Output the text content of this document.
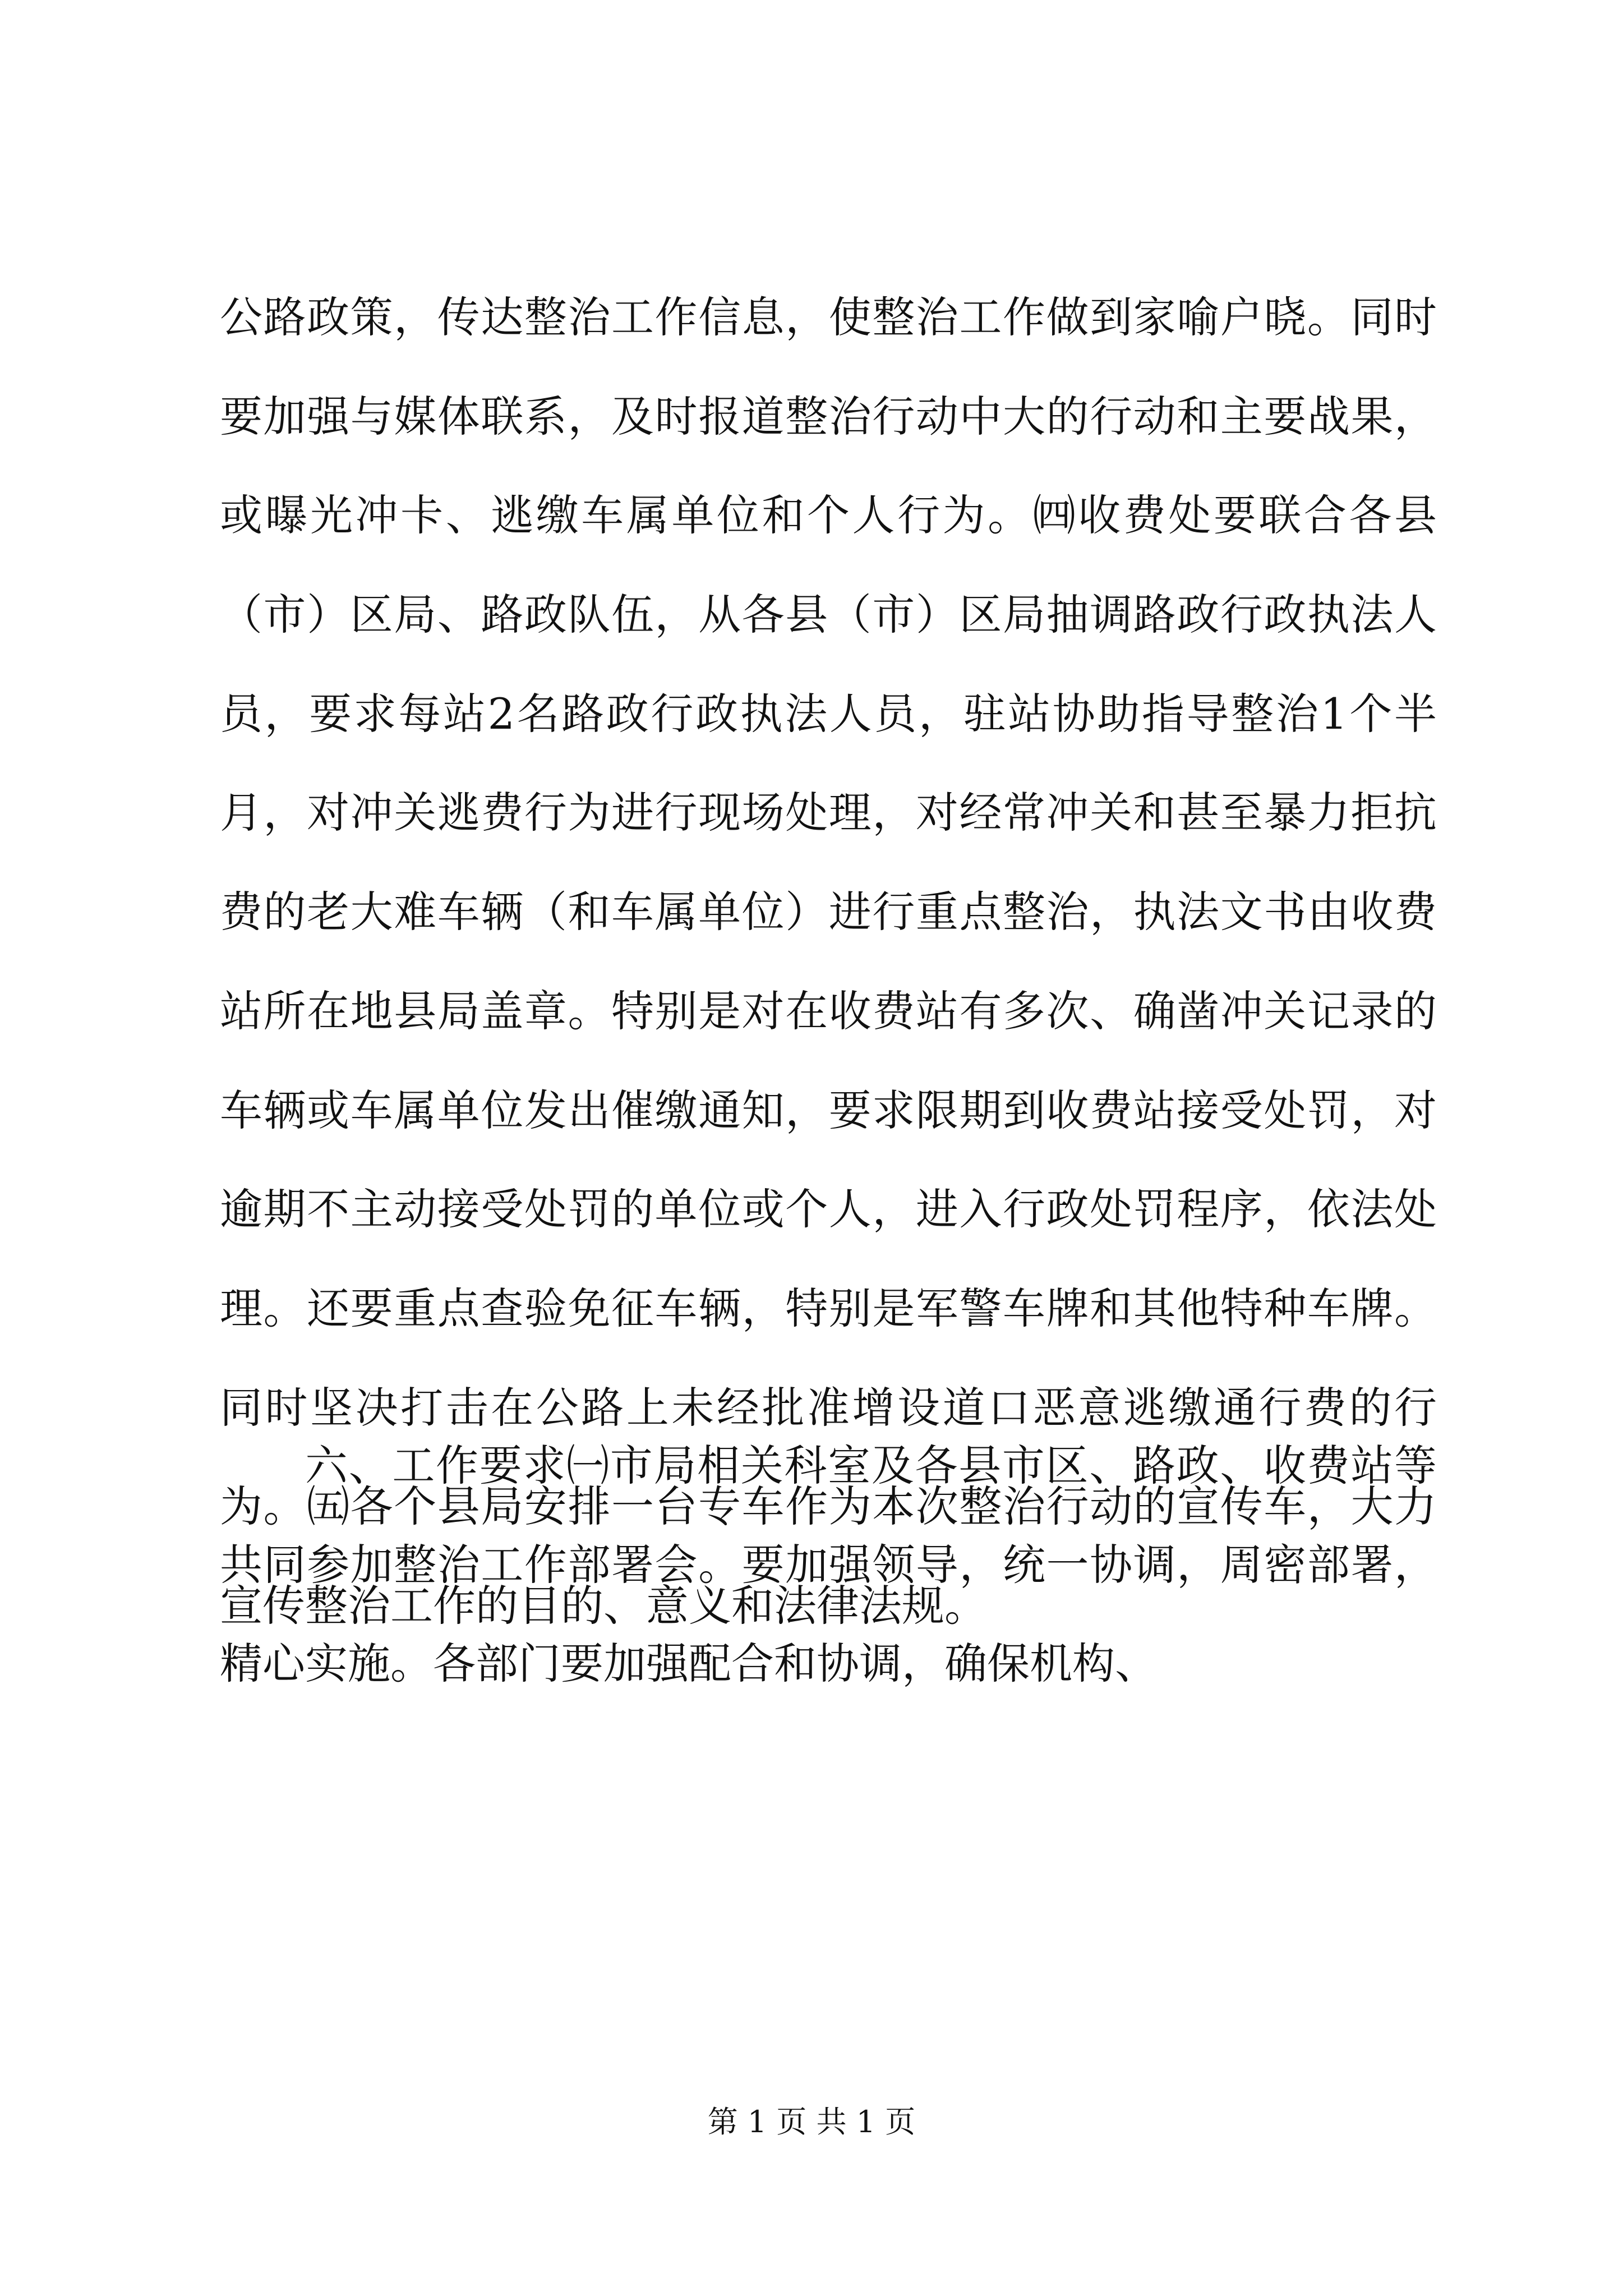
公路政策，传达整治工作信息，使整治工作做到家喻户晓。同时
要加强与媒体联系，及时报道整治行动中大的行动和主要战果，
或曝光冲卡、逃缴车属单位和个人行为。㈣收费处要联合各县
（市）区局、路政队伍，从各县（市）区局抽调路政行政执法人
员，要求每站2名路政行政执法人员，驻站协助指导整治1个半
月，对冲关逃费行为进行现场处理，对经常冲关和甚至暴力拒抗
费的老大难车辆（和车属单位）进行重点整治，执法文书由收费
站所在地县局盖章。特别是对在收费站有多次、确凿冲关记录的
车辆或车属单位发出催缴通知，要求限期到收费站接受处罚，对
逾期不主动接受处罚的单位或个人，进入行政处罚程序，依法处
理。还要重点查验免征车辆，特别是军警车牌和其他特种车牌。
同时坚决打击在公路上未经批准增设道口恶意逃缴通行费的行
为。㈤各个县局安排一台专车作为本次整治行动的宣传车，大力
宣传整治工作的目的、意义和法律法规。
六、工作要求㈠市局相关科室及各县市区、路政、收费站等
共同参加整治工作部署会。要加强领导，统一协调，周密部署，
精心实施。各部门要加强配合和协调，确保机构、
第 1 页 共 1 页
